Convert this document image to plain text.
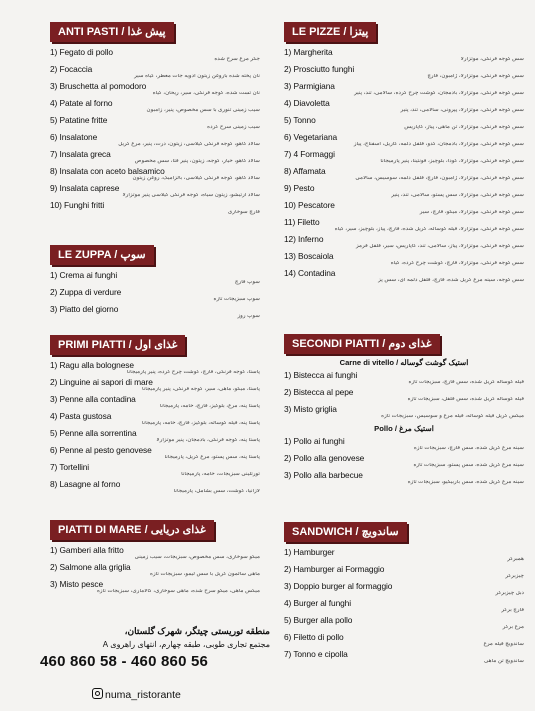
ANTI PASTI / پیش غذا
1) Fegato di pollo
جگر مرغ سرخ شده
2) Focaccia
نان پخته شده باروغن زیتون ادویه جات معطر، گیاه سیر
3) Bruschetta al pomodoro
نان تست شده، گوجه فرنگی، سیر، ریحان، گیاه
4) Patate al forno
سیب زمینی تنوری با سس مخصوص، پنیر، زامبون
5) Patatine fritte
سیب زمینی سرخ کرده
6) Insalatone
سالاد کاهو، گوجه فرنگی گیلاسی، زیتون، ذرت، پنیر، مرغ گریل
7) Insalata greca
سالاد کاهو، خیار، گوجه، زیتون، پنیر فتا، سس مخصوص
8) Insalata con aceto balsamico
سالاد کاهو، گوجه فرنگی گیلاسی، بالزامیک، روغن زیتون
9) Insalata caprese
سالاد ارتیشو، زیتون سیاه، گوجه فرنگی گیلاسی پنیر موتزارلا
10) Funghi fritti
قارچ سوخاری
LE ZUPPA / سوپ
1) Crema ai funghi
سوپ قارچ
2) Zuppa di verdure
سوپ سبزیجات تازه
3) Piatto del giorno
سوپ روز
PRIMI PIATTI / غذای اول
1) Ragu alla bolognese
پاستا، گوجه فرنگی، قارچ، گوشت چرخ کرده، پنیر پارمیجانا
2) Linguine ai sapori di mare
پاستا، میگو، ماهی، سیر، گوجه فرنگی، پنیر پارمیجانا
3) Penne alla contadina
پاستا پنه، مرغ، بلوگیز، قارچ، خامه، پارمیجانا
4) Pasta gustosa
پاستا پنه، فیله گوساله، بلوگیز، قارچ، خامه، پارمیجانا
5) Penne alla sorrentina
پاستا پنه، گوجه فرنگی، بادمجان، پنیر موتزارلا
6) Penne al pesto genovese
پاستا پنه، سس پستو، مرغ گریل، پارمیجانا
7) Tortellini
تورتلینی سبزیجات، خامه، پارمیجانا
8) Lasagne al forno
لازانیا، گوشت، سس بشامل، پارمیجانا
PIATTI DI MARE / غذای دریایی
1) Gamberi alla fritto
میگو سوخاری، سس مخصوص، سبزیجات، سیب زمینی
2) Salmone alla griglia
ماهی سالمون گریل با سس لیمو، سبزیجات تازه
3) Misto pesce
میکس ماهی، میگو سرخ شده، ماهی سوخاری، کالاماری، سبزیجات تازه
LE PIZZE / پیتزا
1) Margherita
سس گوجه فرنگی، موتزارلا
2) Prosciutto funghi
سس گوجه فرنگی، موتزارلا، ژامبون، قارچ
3) Parmigiana
سس گوجه فرنگی، موتزارلا، بادمجان، گوشت چرخ کرده، سالامی، تند، پنیر
4) Diavoletta
سس گوجه فرنگی، موتزارلا، پپرونی، سالامی، تند، پنیر
5) Tonno
سس گوجه فرنگی، موتزارلا، تن ماهی، پیاز، کاپاریس
6) Vegetariana
سس گوجه فرنگی، موتزارلا، بادمجان، کدو، فلفل دلمه، کاریل، اسفناج، پیاز
7) 4 Formaggi
سس گوجه فرنگی، موتزارلا، گودا، بلوچیز، فونتینا، پنیر پارمیجانا
8) Affamata
سس گوجه فرنگی، موتزارلا، ژامبون، قارچ، فلفل دلمه، سوسیس، سالامی
9) Pesto
سس گوجه فرنگی، موتزارلا، سس پستو، سالامی، تند، پنیر
10) Pescatore
سس گوجه فرنگی، موتزارلا، میگو، قارچ، سیر
11) Filetto
سس گوجه فرنگی، موتزارلا، فیله گوساله، گریل شده، قارچ، پیاز، بلوچیز، سیر، گیاه
12) Inferno
سس گوجه فرنگی، موتزارلا، پیاز، سالامی، تند، کاپاریس، سیر، فلفل قرمز
13) Boscaiola
سس گوجه فرنگی، موتزارلا، قارچ، گوشت چرخ کرده، گیاه
14) Contadina
سس گوجه، سینه مرغ گریل شده، قارچ، فلفل دلمه ای، سس پز
SECONDI PIATTI / غذای دوم
Carne di vitello / استیک گوشت گوساله
1) Bistecca ai funghi
فیله گوساله گریل شده، سس قارچ، سبزیجات تازه
2) Bistecca al pepe
فیله گوساله گریل شده، سس فلفل، سبزیجات تازه
3) Misto griglia
میکس گریل فیله گوساله، فیله مرغ و سوسیس، سبزیجات تازه
Pollo / استیک مرغ
1) Pollo ai funghi
سینه مرغ گریل شده، سس قارچ، سبزیجات تازه
2) Pollo alla genovese
سینه مرغ گریل شده، سس پستو، سبزیجات تازه
3) Pollo alla barbecue
سینه مرغ گریل شده، سس باربیکیو، سبزیجات تازه
SANDWICH / ساندویچ
1) Hamburger
همبرگر
2) Hamburger ai Formaggio
چیزبرگر
3) Doppio burger al formaggio
دبل چیزبرگر
4) Burger al funghi
قارچ برگر
5) Burger alla pollo
مرغ برگر
6) Filetto di pollo
ساندویچ فیله مرغ
7) Tonno e cipolla
ساندویچ تن ماهی
منطقه توریستی چیتگر، شهرک گلستان،
مجتمع تجاری طوبی، طبقه چهارم، انتهای راهروی A
460 860 58 - 460 860 56
numa_ristorante
